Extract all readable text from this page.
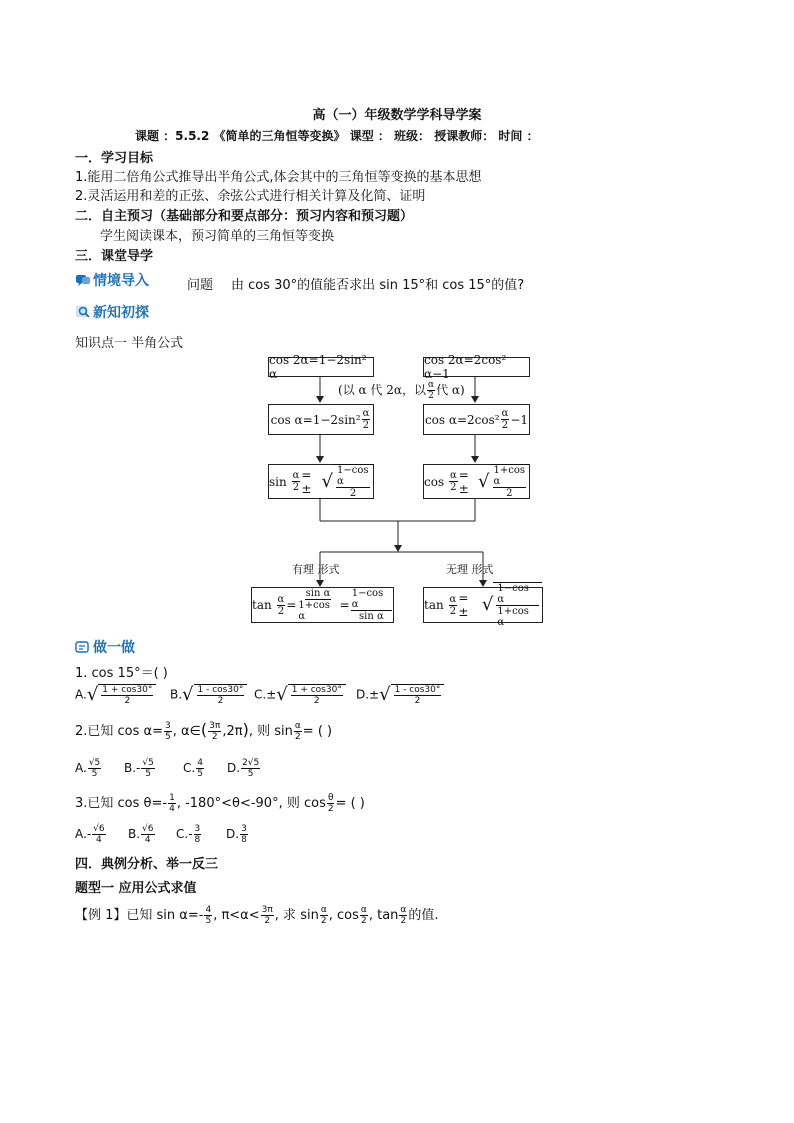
高（一）年级数学学科导学案
课题 ：5.5.2 《简单的三角恒等变换》 课型 ： 班级： 授课教师： 时间 ：
一．学习目标
1.能用二倍角公式推导出半角公式,体会其中的三角恒等变换的基本思想
2.灵活运用和差的正弦、余弦公式进行相关计算及化简、证明
二．自主预习（基础部分和要点部分：预习内容和预习题）
学生阅读课本，预习简单的三角恒等变换
三．课堂导学
情境导入	问题 由 cos 30°的值能否求出 sin 15°和 cos 15°的值?
新知初探
知识点一 半角公式
cos 2α=1−2sin² α
cos 2α=2cos² α−1
(以 α 代 2α，以 $\frac{\alpha}{2}$ 代 α)
$\cos \alpha=1-2\sin^2 \frac{\alpha}{2}$	$\cos \alpha=2\cos^2 \frac{\alpha}{2} -1$
sin
$\frac{\alpha}{2}$ = ± √ $\frac{\text{1−cos α}}{2}$	cos
$\frac{\alpha}{2}$ = ± √ $\frac{\text{1+cos α}}{2}$
有理 形式	无理 形式
tan
$\frac{\alpha}{2} = \frac{\text{sin α}}{\text{1+cos α}} = \frac{\text{1−cos α}}{\text{sin α}}$	tan
$\frac{\alpha}{2}$ = ± √ $\frac{\text{1−cos α}}{\text{1+cos α}}$
做一做
1. cos 15°＝( )
A. √ $\frac{1 + \cos 30^\circ}{2} B$. √ $\frac{1 - \cos 30^\circ}{2} C.\pm$ √ $\frac{1 + \cos 30^\circ}{2} D.\pm$ √ $\frac{1 - \cos 30^\circ}{2}$
2.已知 $\cos \alpha= \frac{3}{5}$ , α∈( $\frac{3\pi}{2} ,2\pi$), 则 $\sin \frac{\alpha}{2}$ = ( )
A. $\frac{√5}{5} B.- \frac{√5}{5} C$. $\frac{4}{5} D$. $\frac{2√5}{5}$
3.已知 $\cos \theta=- \frac{1}{4}$ , -180°<θ<-90°, 则 $\cos \frac{\theta}{2}$ = ( )
$A.- \frac{√6}{4} B$. $\frac{√6}{4} C.- \frac{3}{8} D$. $\frac{3}{8}$
四．典例分析、举一反三
题型一 应用公式求值
【例 1】已知 $\sin \alpha=- \frac{4}{5}$ , $\pi<\alpha< \frac{3\pi}{2}$ , 求 $\sin \frac{\alpha}{2}$ , $\cos \frac{\alpha}{2}$ , $\tan \frac{\alpha}{2}$ 的值.
